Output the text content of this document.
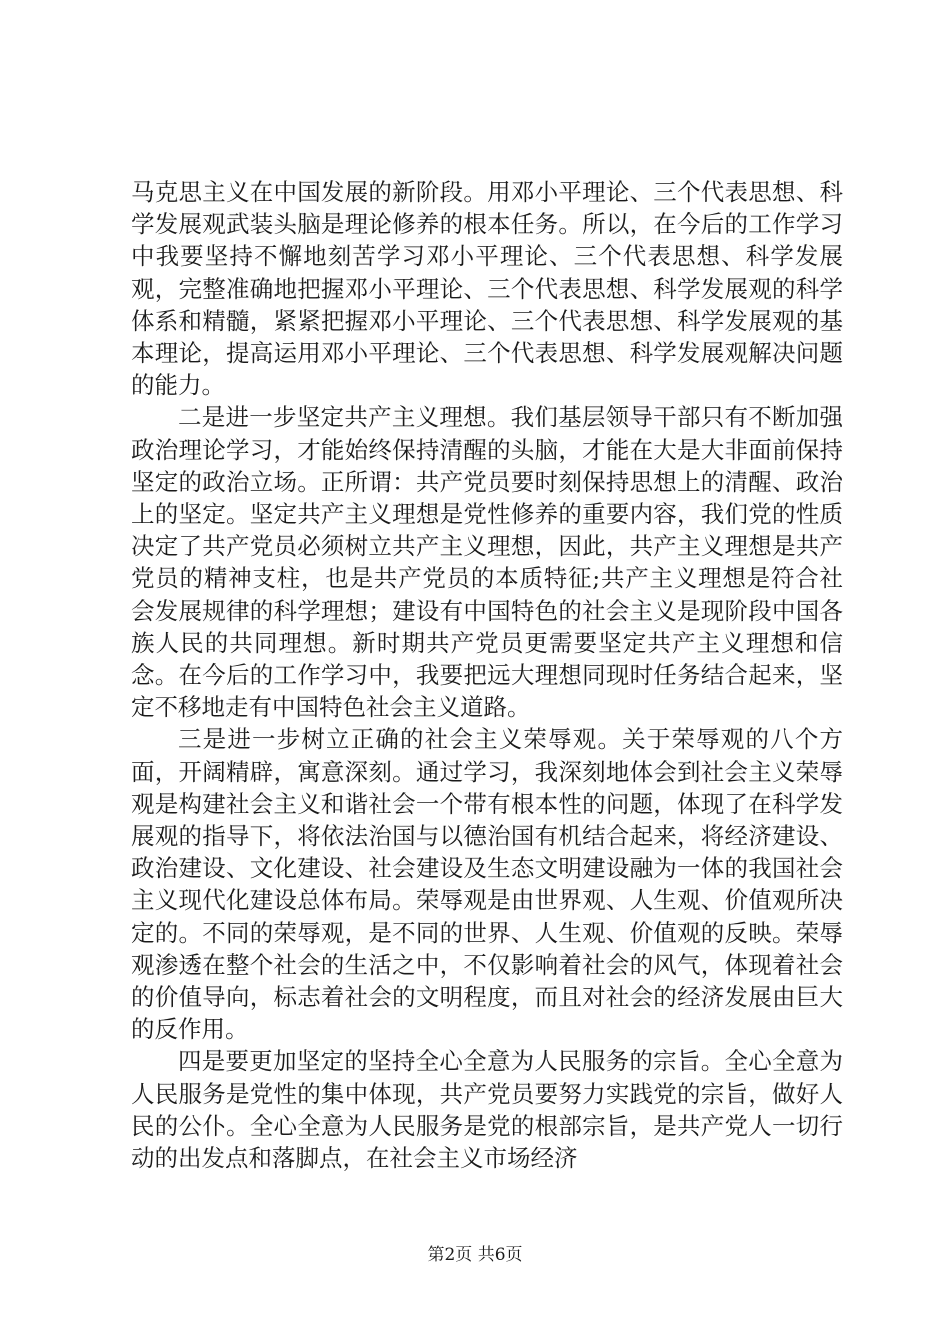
马克思主义在中国发展的新阶段。用邓小平理论、三个代表思想、科学发展观武装头脑是理论修养的根本任务。所以，在今后的工作学习中我要坚持不懈地刻苦学习邓小平理论、三个代表思想、科学发展观，完整准确地把握邓小平理论、三个代表思想、科学发展观的科学体系和精髓，紧紧把握邓小平理论、三个代表思想、科学发展观的基本理论，提高运用邓小平理论、三个代表思想、科学发展观解决问题的能力。

二是进一步坚定共产主义理想。我们基层领导干部只有不断加强政治理论学习，才能始终保持清醒的头脑，才能在大是大非面前保持坚定的政治立场。正所谓：共产党员要时刻保持思想上的清醒、政治上的坚定。坚定共产主义理想是党性修养的重要内容，我们党的性质决定了共产党员必须树立共产主义理想，因此，共产主义理想是共产党员的精神支柱，也是共产党员的本质特征;共产主义理想是符合社会发展规律的科学理想；建设有中国特色的社会主义是现阶段中国各族人民的共同理想。新时期共产党员更需要坚定共产主义理想和信念。在今后的工作学习中，我要把远大理想同现时任务结合起来，坚定不移地走有中国特色社会主义道路。

三是进一步树立正确的社会主义荣辱观。关于荣辱观的八个方面，开阔精辟，寓意深刻。通过学习，我深刻地体会到社会主义荣辱观是构建社会主义和谐社会一个带有根本性的问题，体现了在科学发展观的指导下，将依法治国与以德治国有机结合起来，将经济建设、政治建设、文化建设、社会建设及生态文明建设融为一体的我国社会主义现代化建设总体布局。荣辱观是由世界观、人生观、价值观所决定的。不同的荣辱观，是不同的世界、人生观、价值观的反映。荣辱观渗透在整个社会的生活之中，不仅影响着社会的风气，体现着社会的价值导向，标志着社会的文明程度，而且对社会的经济发展由巨大的反作用。

四是要更加坚定的坚持全心全意为人民服务的宗旨。全心全意为人民服务是党性的集中体现，共产党员要努力实践党的宗旨，做好人民的公仆。全心全意为人民服务是党的根部宗旨，是共产党人一切行动的出发点和落脚点，在社会主义市场经济

第2页 共6页
